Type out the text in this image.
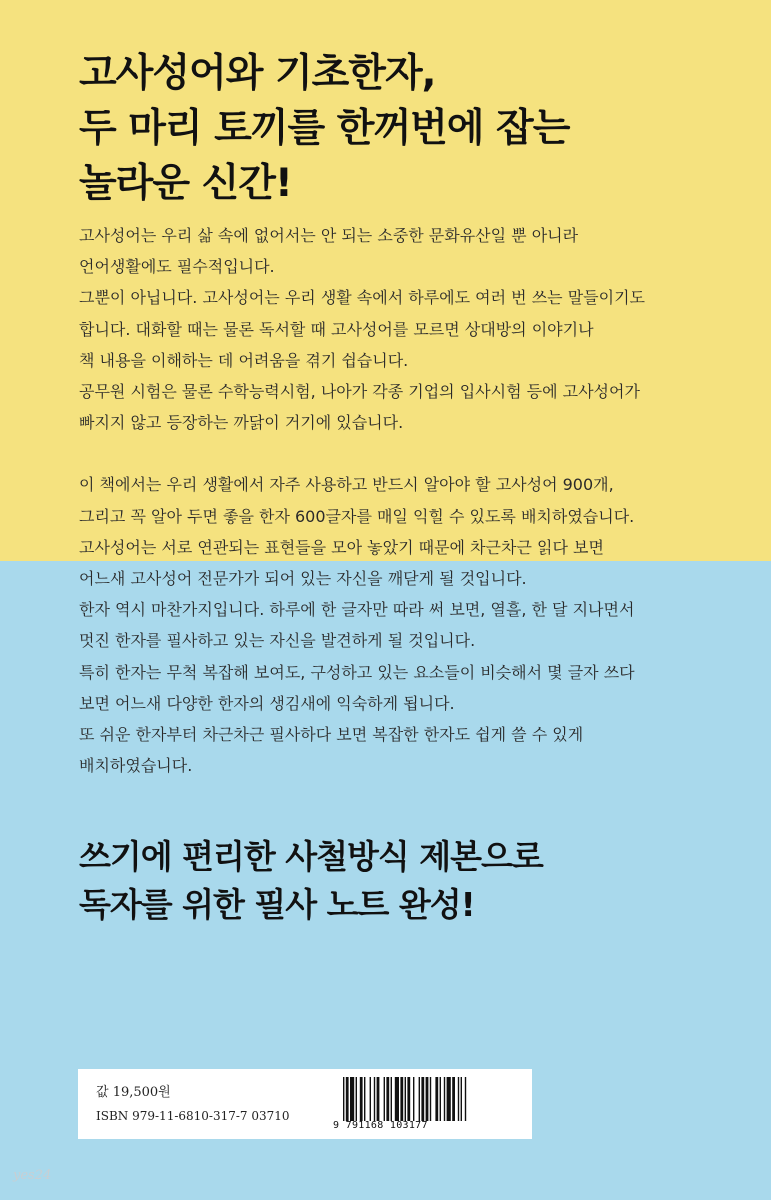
고사성어와 기초한자,
두 마리 토끼를 한꺼번에 잡는
놀라운 신간!
고사성어는 우리 삶 속에 없어서는 안 되는 소중한 문화유산일 뿐 아니라
언어생활에도 필수적입니다.
그뿐이 아닙니다. 고사성어는 우리 생활 속에서 하루에도 여러 번 쓰는 말들이기도
합니다. 대화할 때는 물론 독서할 때 고사성어를 모르면 상대방의 이야기나
책 내용을 이해하는 데 어려움을 겪기 쉽습니다.
공무원 시험은 물론 수학능력시험, 나아가 각종 기업의 입사시험 등에 고사성어가
빠지지 않고 등장하는 까닭이 거기에 있습니다.
이 책에서는 우리 생활에서 자주 사용하고 반드시 알아야 할 고사성어 900개,
그리고 꼭 알아 두면 좋을 한자 600글자를 매일 익힐 수 있도록 배치하였습니다.
고사성어는 서로 연관되는 표현들을 모아 놓았기 때문에 차근차근 읽다 보면
어느새 고사성어 전문가가 되어 있는 자신을 깨닫게 될 것입니다.
한자 역시 마찬가지입니다. 하루에 한 글자만 따라 써 보면, 열흘, 한 달 지나면서
멋진 한자를 필사하고 있는 자신을 발견하게 될 것입니다.
특히 한자는 무척 복잡해 보여도, 구성하고 있는 요소들이 비슷해서 몇 글자 쓰다
보면 어느새 다양한 한자의 생김새에 익숙하게 됩니다.
또 쉬운 한자부터 차근차근 필사하다 보면 복잡한 한자도 쉽게 쓸 수 있게
배치하였습니다.
쓰기에 편리한 사철방식 제본으로
독자를 위한 필사 노트 완성!
값 19,500원
ISBN 979-11-6810-317-7 03710
9 791168 103177
yes24
